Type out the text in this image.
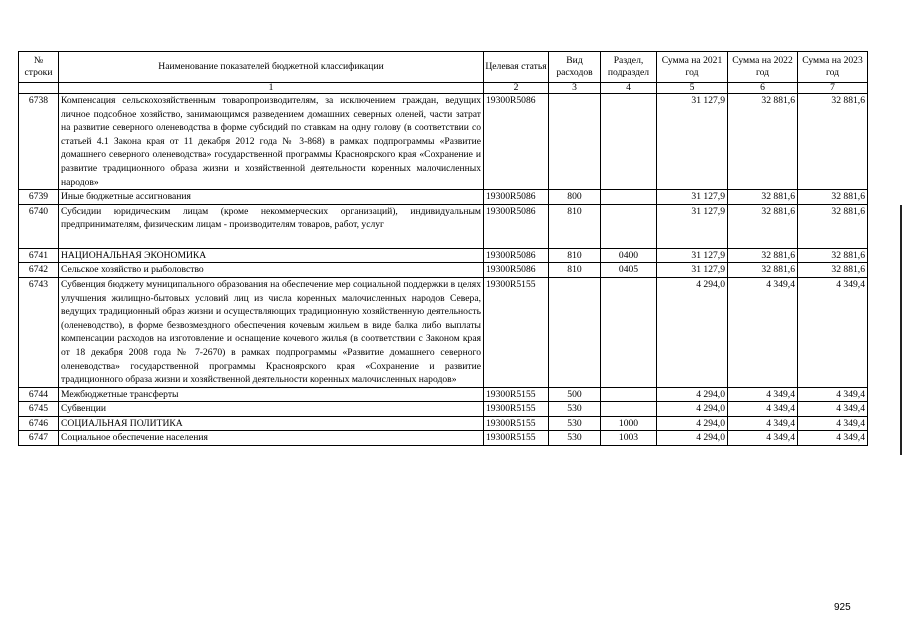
№ строки	Наименование показателей бюджетной классификации	Целевая статья	Вид расходов	Раздел, подраздел	Сумма на 2021 год	Сумма на 2022 год	Сумма на 2023 год
	1	2	3	4	5	6	7
6738	Компенсация сельскохозяйственным товаропроизводителям, за исключением граждан, ведущих личное подсобное хозяйство, занимающимся разведением домашних северных оленей, части затрат на развитие северного оленеводства в форме субсидий по ставкам на одну голову (в соответствии со статьей 4.1 Закона края от 11 декабря 2012 года № 3-868) в рамках подпрограммы «Развитие домашнего северного оленеводства» государственной программы Красноярского края «Сохранение и развитие традиционного образа жизни и хозяйственной деятельности коренных малочисленных народов»	19300R5086			31 127,9	32 881,6	32 881,6
6739	Иные бюджетные ассигнования	19300R5086	800		31 127,9	32 881,6	32 881,6
6740	Субсидии юридическим лицам (кроме некоммерческих организаций), индивидуальным предпринимателям, физическим лицам - производителям товаров, работ, услуг	19300R5086	810		31 127,9	32 881,6	32 881,6
6741	НАЦИОНАЛЬНАЯ ЭКОНОМИКА	19300R5086	810	0400	31 127,9	32 881,6	32 881,6
6742	Сельское хозяйство и рыболовство	19300R5086	810	0405	31 127,9	32 881,6	32 881,6
6743	Субвенция бюджету муниципального образования на обеспечение мер социальной поддержки в целях улучшения жилищно-бытовых условий лиц из числа коренных малочисленных народов Севера, ведущих традиционный образ жизни и осуществляющих традиционную хозяйственную деятельность (оленеводство), в форме безвозмездного обеспечения кочевым жильем в виде балка либо выплаты компенсации расходов на изготовление и оснащение кочевого жилья (в соответствии с Законом края от 18 декабря 2008 года № 7-2670) в рамках подпрограммы «Развитие домашнего северного оленеводства» государственной программы Красноярского края «Сохранение и развитие традиционного образа жизни и хозяйственной деятельности коренных малочисленных народов»	19300R5155			4 294,0	4 349,4	4 349,4
6744	Межбюджетные трансферты	19300R5155	500		4 294,0	4 349,4	4 349,4
6745	Субвенции	19300R5155	530		4 294,0	4 349,4	4 349,4
6746	СОЦИАЛЬНАЯ ПОЛИТИКА	19300R5155	530	1000	4 294,0	4 349,4	4 349,4
6747	Социальное обеспечение населения	19300R5155	530	1003	4 294,0	4 349,4	4 349,4
925
